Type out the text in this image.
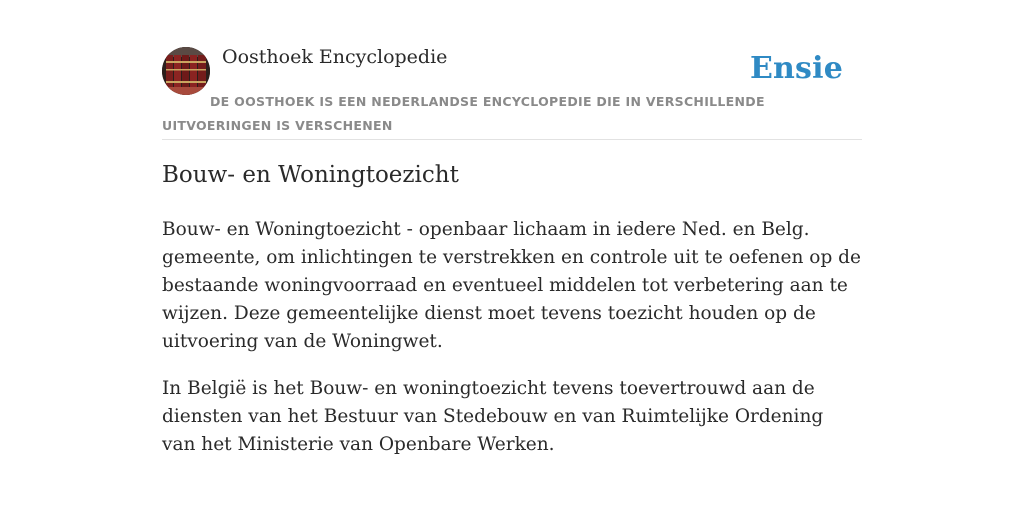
Oosthoek Encyclopedie	Ensie

DE OOSTHOEK IS EEN NEDERLANDSE ENCYCLOPEDIE DIE IN VERSCHILLENDE UITVOERINGEN IS VERSCHENEN

Bouw- en Woningtoezicht

Bouw- en Woningtoezicht - openbaar lichaam in iedere Ned. en Belg. gemeente, om inlichtingen te verstrekken en controle uit te oefenen op de bestaande woningvoorraad en eventueel middelen tot verbetering aan te wijzen. Deze gemeentelijke dienst moet tevens toezicht houden op de uitvoering van de Woningwet.

In België is het Bouw- en woningtoezicht tevens toevertrouwd aan de diensten van het Bestuur van Stedebouw en van Ruimtelijke Ordening van het Ministerie van Openbare Werken.
